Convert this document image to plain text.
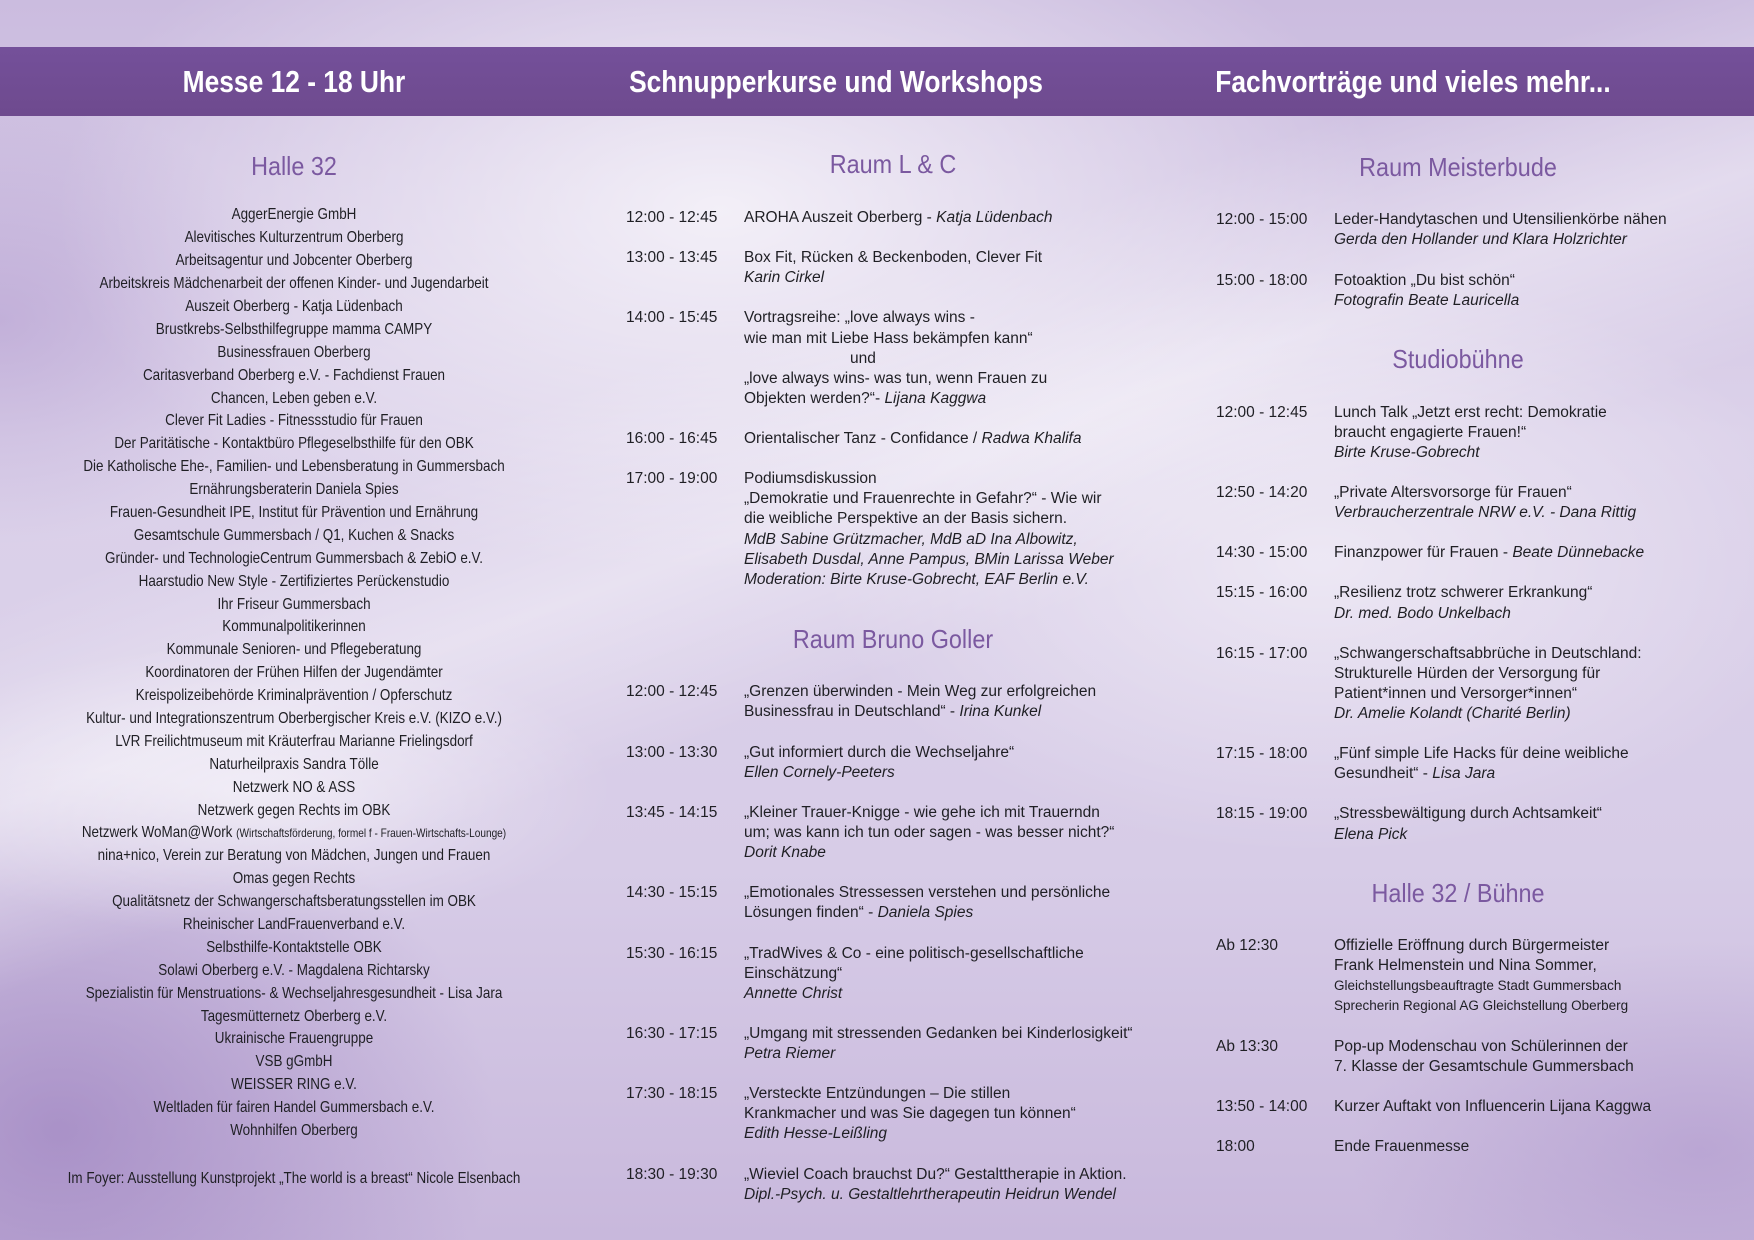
Messe 12 - 18 Uhr	Schnupperkurse und Workshops	Fachvorträge und vieles mehr...
Halle 32
AggerEnergie GmbH
Alevitisches Kulturzentrum Oberberg
Arbeitsagentur und Jobcenter Oberberg
Arbeitskreis Mädchenarbeit der offenen Kinder- und Jugendarbeit
Auszeit Oberberg - Katja Lüdenbach
Brustkrebs-Selbsthilfegruppe mamma CAMPY
Businessfrauen Oberberg
Caritasverband Oberberg e.V. - Fachdienst Frauen
Chancen, Leben geben e.V.
Clever Fit Ladies - Fitnessstudio für Frauen
Der Paritätische - Kontaktbüro Pflegeselbsthilfe für den OBK
Die Katholische Ehe-, Familien- und Lebensberatung in Gummersbach
Ernährungsberaterin Daniela Spies
Frauen-Gesundheit IPE, Institut für Prävention und Ernährung
Gesamtschule Gummersbach / Q1, Kuchen & Snacks
Gründer- und TechnologieCentrum Gummersbach & ZebiO e.V.
Haarstudio New Style - Zertifiziertes Perückenstudio
Ihr Friseur Gummersbach
Kommunalpolitikerinnen
Kommunale Senioren- und Pflegeberatung
Koordinatoren der Frühen Hilfen der Jugendämter
Kreispolizeibehörde Kriminalprävention / Opferschutz
Kultur- und Integrationszentrum Oberbergischer Kreis e.V. (KIZO e.V.)
LVR Freilichtmuseum mit Kräuterfrau Marianne Frielingsdorf
Naturheilpraxis Sandra Tölle
Netzwerk NO & ASS
Netzwerk gegen Rechts im OBK
Netzwerk WoMan@Work (Wirtschaftsförderung, formel f - Frauen-Wirtschafts-Lounge)
nina+nico, Verein zur Beratung von Mädchen, Jungen und Frauen
Omas gegen Rechts
Qualitätsnetz der Schwangerschaftsberatungsstellen im OBK
Rheinischer LandFrauenverband e.V.
Selbsthilfe-Kontaktstelle OBK
Solawi Oberberg e.V. - Magdalena Richtarsky
Spezialistin für Menstruations- & Wechseljahresgesundheit - Lisa Jara
Tagesmütternetz Oberberg e.V.
Ukrainische Frauengruppe
VSB gGmbH
WEISSER RING e.V.
Weltladen für fairen Handel Gummersbach e.V.
Wohnhilfen Oberberg
Im Foyer: Ausstellung Kunstprojekt „The world is a breast“ Nicole Elsenbach
Raum L & C
12:00 - 12:45	AROHA Auszeit Oberberg - Katja Lüdenbach
13:00 - 13:45	Box Fit, Rücken & Beckenboden, Clever Fit
Karin Cirkel
14:00 - 15:45	Vortragsreihe: „love always wins -
wie man mit Liebe Hass bekämpfen kann“
und
„love always wins- was tun, wenn Frauen zu
Objekten werden?“- Lijana Kaggwa
16:00 - 16:45	Orientalischer Tanz - Confidance / Radwa Khalifa
17:00 - 19:00	Podiumsdiskussion
„Demokratie und Frauenrechte in Gefahr?“ - Wie wir
die weibliche Perspektive an der Basis sichern.
MdB Sabine Grützmacher, MdB aD Ina Albowitz,
Elisabeth Dusdal, Anne Pampus, BMin Larissa Weber
Moderation: Birte Kruse-Gobrecht, EAF Berlin e.V.
Raum Bruno Goller
12:00 - 12:45	„Grenzen überwinden - Mein Weg zur erfolgreichen
Businessfrau in Deutschland“ - Irina Kunkel
13:00 - 13:30	„Gut informiert durch die Wechseljahre“
Ellen Cornely-Peeters
13:45 - 14:15	„Kleiner Trauer-Knigge - wie gehe ich mit Trauerndn
um; was kann ich tun oder sagen - was besser nicht?“
Dorit Knabe
14:30 - 15:15	„Emotionales Stressessen verstehen und persönliche
Lösungen finden“ - Daniela Spies
15:30 - 16:15	„TradWives & Co - eine politisch-gesellschaftliche
Einschätzung“
Annette Christ
16:30 - 17:15	„Umgang mit stressenden Gedanken bei Kinderlosigkeit“
Petra Riemer
17:30 - 18:15	„Versteckte Entzündungen – Die stillen
Krankmacher und was Sie dagegen tun können“
Edith Hesse-Leißling
18:30 - 19:30	„Wieviel Coach brauchst Du?“ Gestalttherapie in Aktion.
Dipl.-Psych. u. Gestaltlehrtherapeutin Heidrun Wendel
Raum Meisterbude
12:00 - 15:00	Leder-Handytaschen und Utensilienkörbe nähen
Gerda den Hollander und Klara Holzrichter
15:00 - 18:00	Fotoaktion „Du bist schön“
Fotografin Beate Lauricella
Studiobühne
12:00 - 12:45	Lunch Talk „Jetzt erst recht: Demokratie
braucht engagierte Frauen!“
Birte Kruse-Gobrecht
12:50 - 14:20	„Private Altersvorsorge für Frauen“
Verbraucherzentrale NRW e.V. - Dana Rittig
14:30 - 15:00	Finanzpower für Frauen - Beate Dünnebacke
15:15 - 16:00	„Resilienz trotz schwerer Erkrankung“
Dr. med. Bodo Unkelbach
16:15 - 17:00	„Schwangerschaftsabbrüche in Deutschland:
Strukturelle Hürden der Versorgung für
Patient*innen und Versorger*innen“
Dr. Amelie Kolandt (Charité Berlin)
17:15 - 18:00	„Fünf simple Life Hacks für deine weibliche
Gesundheit“ - Lisa Jara
18:15 - 19:00	„Stressbewältigung durch Achtsamkeit“
Elena Pick
Halle 32 / Bühne
Ab 12:30	Offizielle Eröffnung durch Bürgermeister
Frank Helmenstein und Nina Sommer,
Gleichstellungsbeauftragte Stadt Gummersbach
Sprecherin Regional AG Gleichstellung Oberberg
Ab 13:30	Pop-up Modenschau von Schülerinnen der
7. Klasse der Gesamtschule Gummersbach
13:50 - 14:00	Kurzer Auftakt von Influencerin Lijana Kaggwa
18:00	Ende Frauenmesse
